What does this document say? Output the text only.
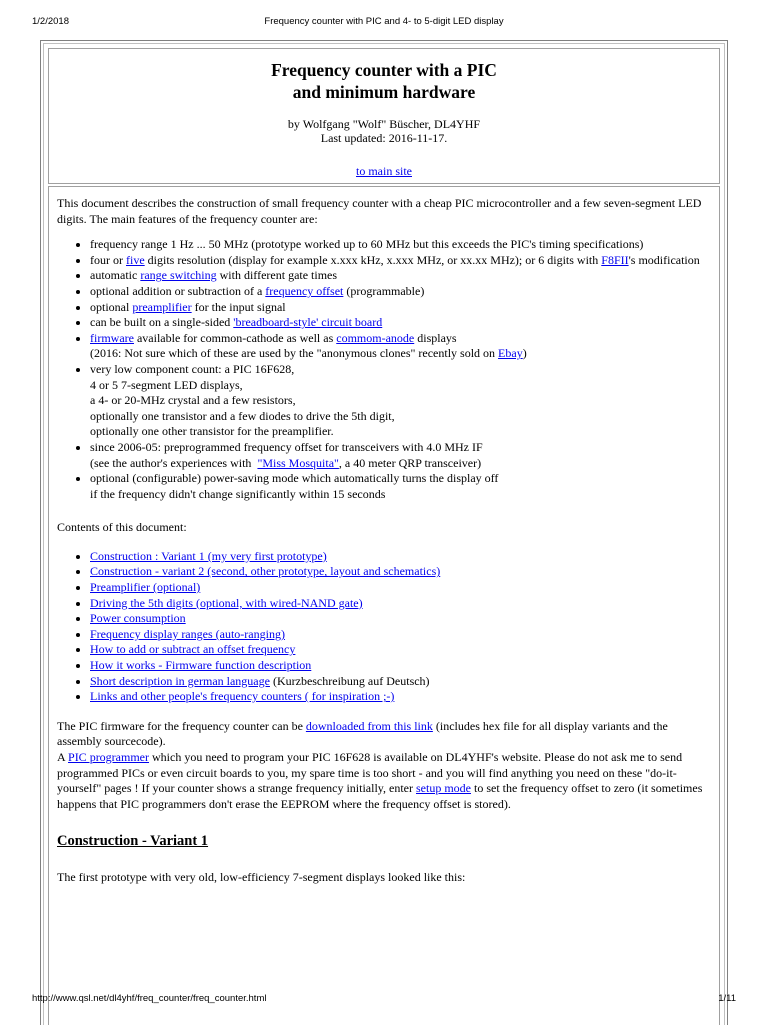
1/2/2018	Frequency counter with PIC and 4- to 5-digit LED display
Frequency counter with a PIC
and minimum hardware
by Wolfgang "Wolf" Büscher, DL4YHF
Last updated: 2016-11-17.
to main site

This document describes the construction of small frequency counter with a cheap PIC microcontroller and a few seven-segment LED digits. The main features of the frequency counter are:

• frequency range 1 Hz ... 50 MHz (prototype worked up to 60 MHz but this exceeds the PIC's timing specifications)
• four or five digits resolution (display for example x.xxx kHz, x.xxx MHz, or xx.xx MHz); or 6 digits with F8FII's modification
• automatic range switching with different gate times
• optional addition or subtraction of a frequency offset (programmable)
• optional preamplifier for the input signal
• can be built on a single-sided 'breadboard-style' circuit board
• firmware available for common-cathode as well as commom-anode displays
(2016: Not sure which of these are used by the "anonymous clones" recently sold on Ebay)
• very low component count: a PIC 16F628,
4 or 5 7-segment LED displays,
a 4- or 20-MHz crystal and a few resistors,
optionally one transistor and a few diodes to drive the 5th digit,
optionally one other transistor for the preamplifier.
• since 2006-05: preprogrammed frequency offset for transceivers with 4.0 MHz IF
(see the author's experiences with  "Miss Mosquita", a 40 meter QRP transceiver)
• optional (configurable) power-saving mode which automatically turns the display off
if the frequency didn't change significantly within 15 seconds

Contents of this document:

• Construction : Variant 1 (my very first prototype)
• Construction - variant 2 (second, other prototype, layout and schematics)
• Preamplifier (optional)
• Driving the 5th digits (optional, with wired-NAND gate)
• Power consumption
• Frequency display ranges (auto-ranging)
• How to add or subtract an offset frequency
• How it works - Firmware function description
• Short description in german language (Kurzbeschreibung auf Deutsch)
• Links and other people's frequency counters ( for inspiration ;-)

The PIC firmware for the frequency counter can be downloaded from this link (includes hex file for all display variants and the assembly sourcecode).
A PIC programmer which you need to program your PIC 16F628 is available on DL4YHF's website. Please do not ask me to send programmed PICs or even circuit boards to you, my spare time is too short - and you will find anything you need on these "do-it-yourself" pages ! If your counter shows a strange frequency initially, enter setup mode to set the frequency offset to zero (it sometimes happens that PIC programmers don't erase the EEPROM where the frequency offset is stored).

Construction - Variant 1

The first prototype with very old, low-efficiency 7-segment displays looked like this:

http://www.qsl.net/dl4yhf/freq_counter/freq_counter.html	1/11
